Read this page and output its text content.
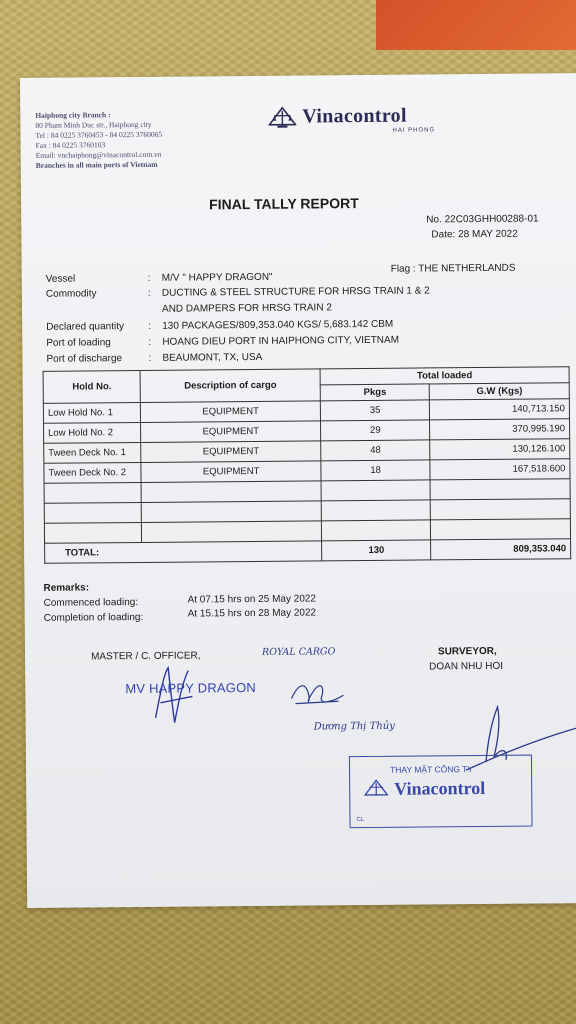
Haiphong city Branch :
80 Pham Minh Duc str., Haiphong city
Tel : 84 0225 3760453 - 84 0225 3760065
Fax : 84 0225 3760103
Email: vnchaiphong@vinacontrol.com.vn
Branches in all main ports of Vietnam
Vinacontrol
HAI PHONG
FINAL TALLY REPORT
No. 22C03GHH00288-01
Date: 28 MAY 2022
Vessel	: M/V " HAPPY DRAGON"
Flag : THE NETHERLANDS
Commodity	: DUCTING & STEEL STRUCTURE FOR HRSG TRAIN 1 & 2
AND DAMPERS FOR HRSG TRAIN 2
Declared quantity : 130 PACKAGES/809,353.040 KGS/ 5,683.142 CBM
Port of loading	: HOANG DIEU PORT IN HAIPHONG CITY, VIETNAM
Port of discharge	: BEAUMONT, TX, USA
Hold No.	Description of cargo	Total loaded	
		Pkgs	G.W (Kgs)
Low Hold No. 1	EQUIPMENT	35	140,713.150
Low Hold No. 2	EQUIPMENT	29	370,995.190
Tween Deck No. 1	EQUIPMENT	48	130,126.100
Tween Deck No. 2	EQUIPMENT	18	167,518.600

TOTAL:		130	809,353.040
Remarks:
Commenced loading:	At 07.15 hrs on 25 May 2022
Completion of loading:	At 15.15 hrs on 28 May 2022
MASTER / C. OFFICER,	ROYAL CARGO	SURVEYOR,
DOAN NHU HOI
MV HAPPY DRAGON
Dương Thị Thủy
THAY MẶT CÔNG TY
Vinacontrol
CL
